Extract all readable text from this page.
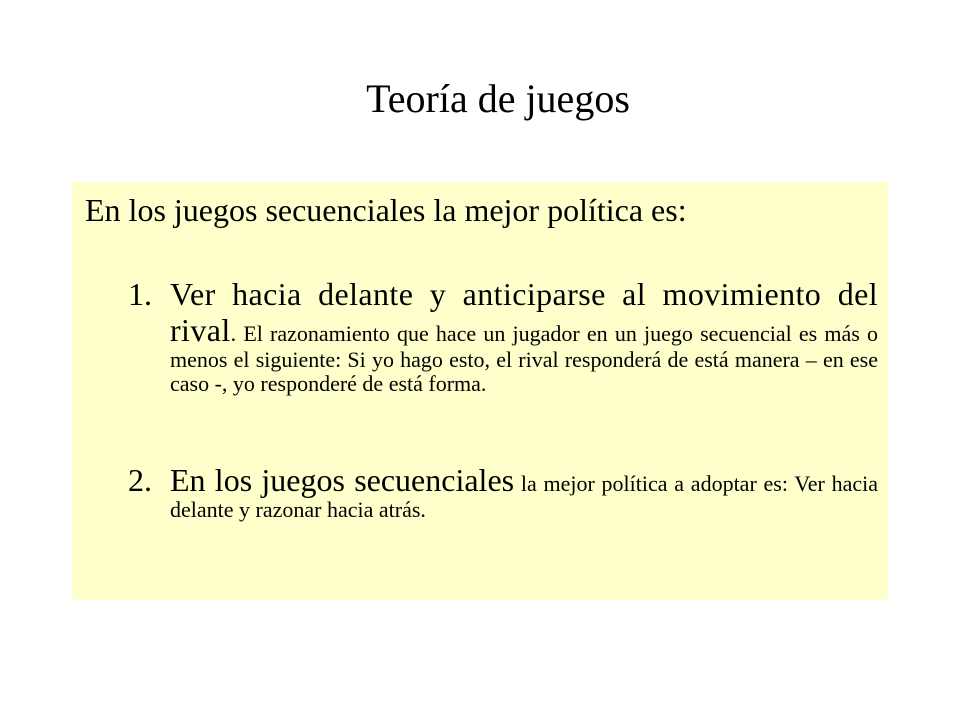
Teoría de juegos
En los juegos secuenciales la mejor política es:
1. Ver hacia delante y anticiparse al movimiento del rival. El razonamiento que hace un jugador en un juego secuencial es más o menos el siguiente: Si yo hago esto, el rival responderá de está manera – en ese caso -, yo responderé de está forma.
2. En los juegos secuenciales la mejor política a adoptar es: Ver hacia delante y razonar hacia atrás.
